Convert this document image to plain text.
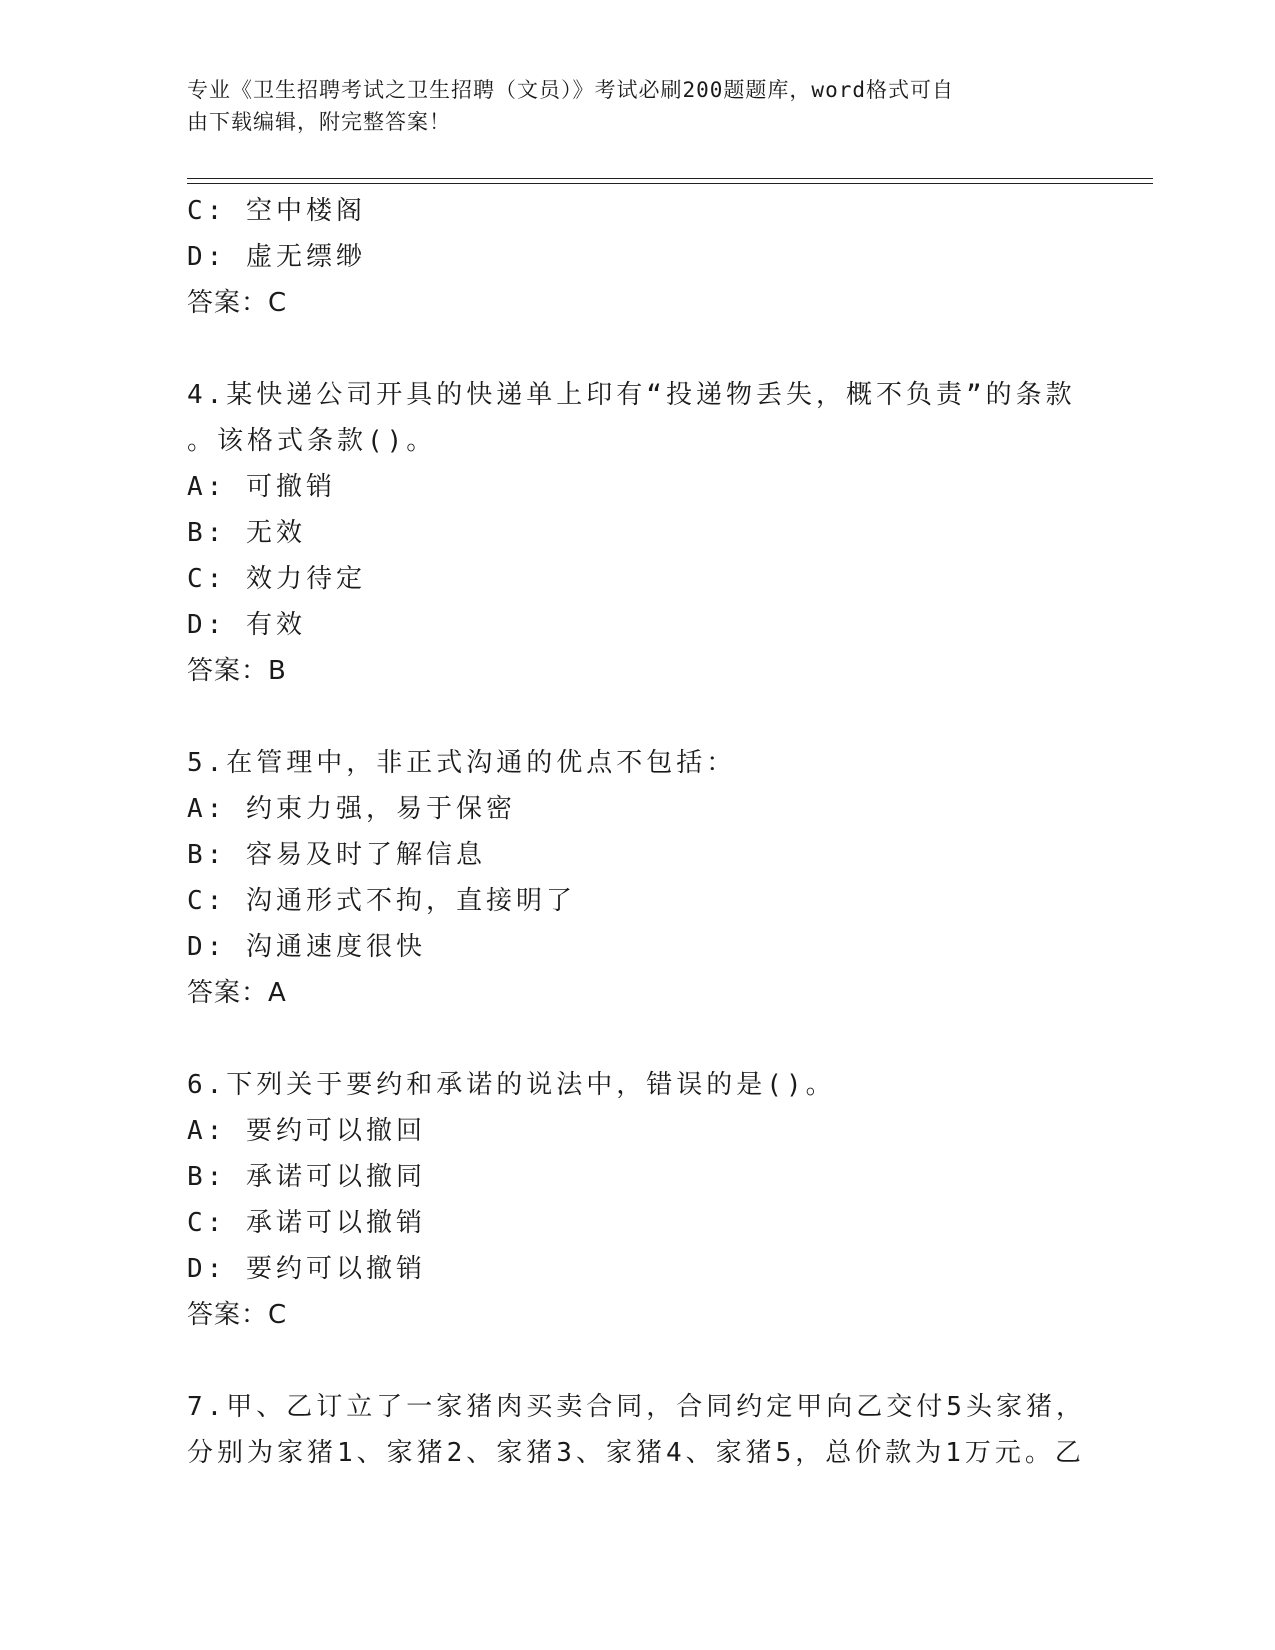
专业《卫生招聘考试之卫生招聘（文员）》考试必刷200题题库，word格式可自
由下载编辑，附完整答案！
C: 空中楼阁
D: 虚无缥缈
答案：C
4.某快递公司开具的快递单上印有“投递物丢失，概不负责”的条款
。该格式条款()。
A: 可撤销
B: 无效
C: 效力待定
D: 有效
答案：B
5.在管理中，非正式沟通的优点不包括：
A: 约束力强，易于保密
B: 容易及时了解信息
C: 沟通形式不拘，直接明了
D: 沟通速度很快
答案：A
6.下列关于要约和承诺的说法中，错误的是()。
A: 要约可以撤回
B: 承诺可以撤同
C: 承诺可以撤销
D: 要约可以撤销
答案：C
7.甲、乙订立了一家猪肉买卖合同，合同约定甲向乙交付5头家猪，
分别为家猪1、家猪2、家猪3、家猪4、家猪5，总价款为1万元。乙
